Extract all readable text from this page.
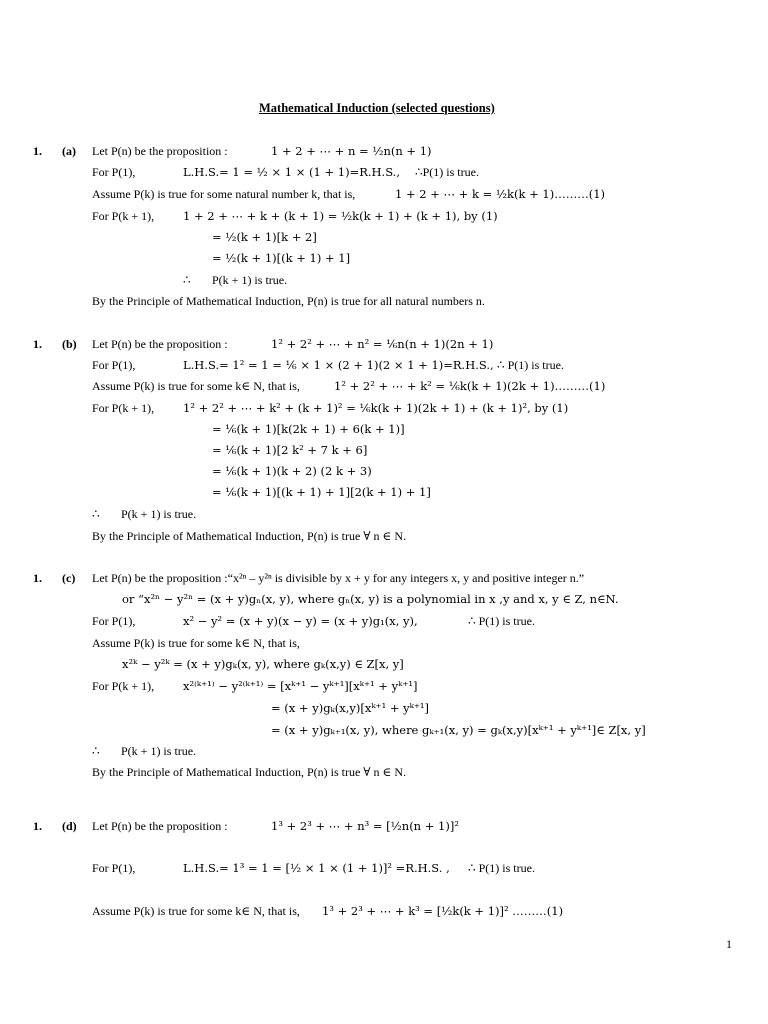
Mathematical Induction (selected questions)
1. (a) Let P(n) be the proposition :	1 + 2 + ⋯ + n = ½n(n + 1)
For P(1),	L.H.S.= 1 = ½ × 1 × (1 + 1)=R.H.S., ∴P(1) is true.
Assume P(k) is true for some natural number k, that is,	1 + 2 + ⋯ + k = ½k(k + 1)………(1)
For P(k + 1),	1 + 2 + ⋯ + k + (k + 1) = ½k(k + 1) + (k + 1), by (1)
= ½(k + 1)[k + 2]
= ½(k + 1)[(k + 1) + 1]
∴ P(k + 1) is true.
By the Principle of Mathematical Induction, P(n) is true for all natural numbers n.
1. (b) Let P(n) be the proposition :	1² + 2² + ⋯ + n² = ⅙n(n + 1)(2n + 1)
For P(1),	L.H.S.= 1² = 1 = ⅙ × 1 × (2 + 1)(2 × 1 + 1)=R.H.S., ∴ P(1) is true.
Assume P(k) is true for some k∈ N, that is,	1² + 2² + ⋯ + k² = ⅙k(k + 1)(2k + 1)………(1)
For P(k + 1),	1² + 2² + ⋯ + k² + (k + 1)² = ⅙k(k + 1)(2k + 1) + (k + 1)², by (1)
= ⅙(k + 1)[k(2k + 1) + 6(k + 1)]
= ⅙(k + 1)[2 k² + 7 k + 6]
= ⅙(k + 1)(k + 2) (2 k + 3)
= ⅙(k + 1)[(k + 1) + 1][2(k + 1) + 1]
∴ P(k + 1) is true.
By the Principle of Mathematical Induction, P(n) is true ∀ n ∈ N.
1. (c) Let P(n) be the proposition :“x²ⁿ – y²ⁿ is divisible by x + y for any integers x, y and positive integer n.”
or “x²ⁿ − y²ⁿ = (x + y)gₙ(x, y), where gₙ(x, y) is a polynomial in x ,y and x, y ∈ Z, n∈N.
For P(1),	x² − y² = (x + y)(x − y) = (x + y)g₁(x, y),	∴ P(1) is true.
Assume P(k) is true for some k∈ N, that is,
x²ᵏ − y²ᵏ = (x + y)gₖ(x, y), where gₖ(x,y) ∈ Z[x, y]
For P(k + 1),	x²⁽ᵏ⁺¹⁾ − y²⁽ᵏ⁺¹⁾ = [xᵏ⁺¹ − yᵏ⁺¹][xᵏ⁺¹ + yᵏ⁺¹]
= (x + y)gₖ(x,y)[xᵏ⁺¹ + yᵏ⁺¹]
= (x + y)gₖ₊₁(x, y), where gₖ₊₁(x, y) = gₖ(x,y)[xᵏ⁺¹ + yᵏ⁺¹]∈ Z[x, y]
∴ P(k + 1) is true.
By the Principle of Mathematical Induction, P(n) is true ∀ n ∈ N.
1. (d) Let P(n) be the proposition :	1³ + 2³ + ⋯ + n³ = [½n(n + 1)]²
For P(1),	L.H.S.= 1³ = 1 = [½ × 1 × (1 + 1)]² =R.H.S. , ∴ P(1) is true.
Assume P(k) is true for some k∈ N, that is, 1³ + 2³ + ⋯ + k³ = [½k(k + 1)]² ………(1)
1
